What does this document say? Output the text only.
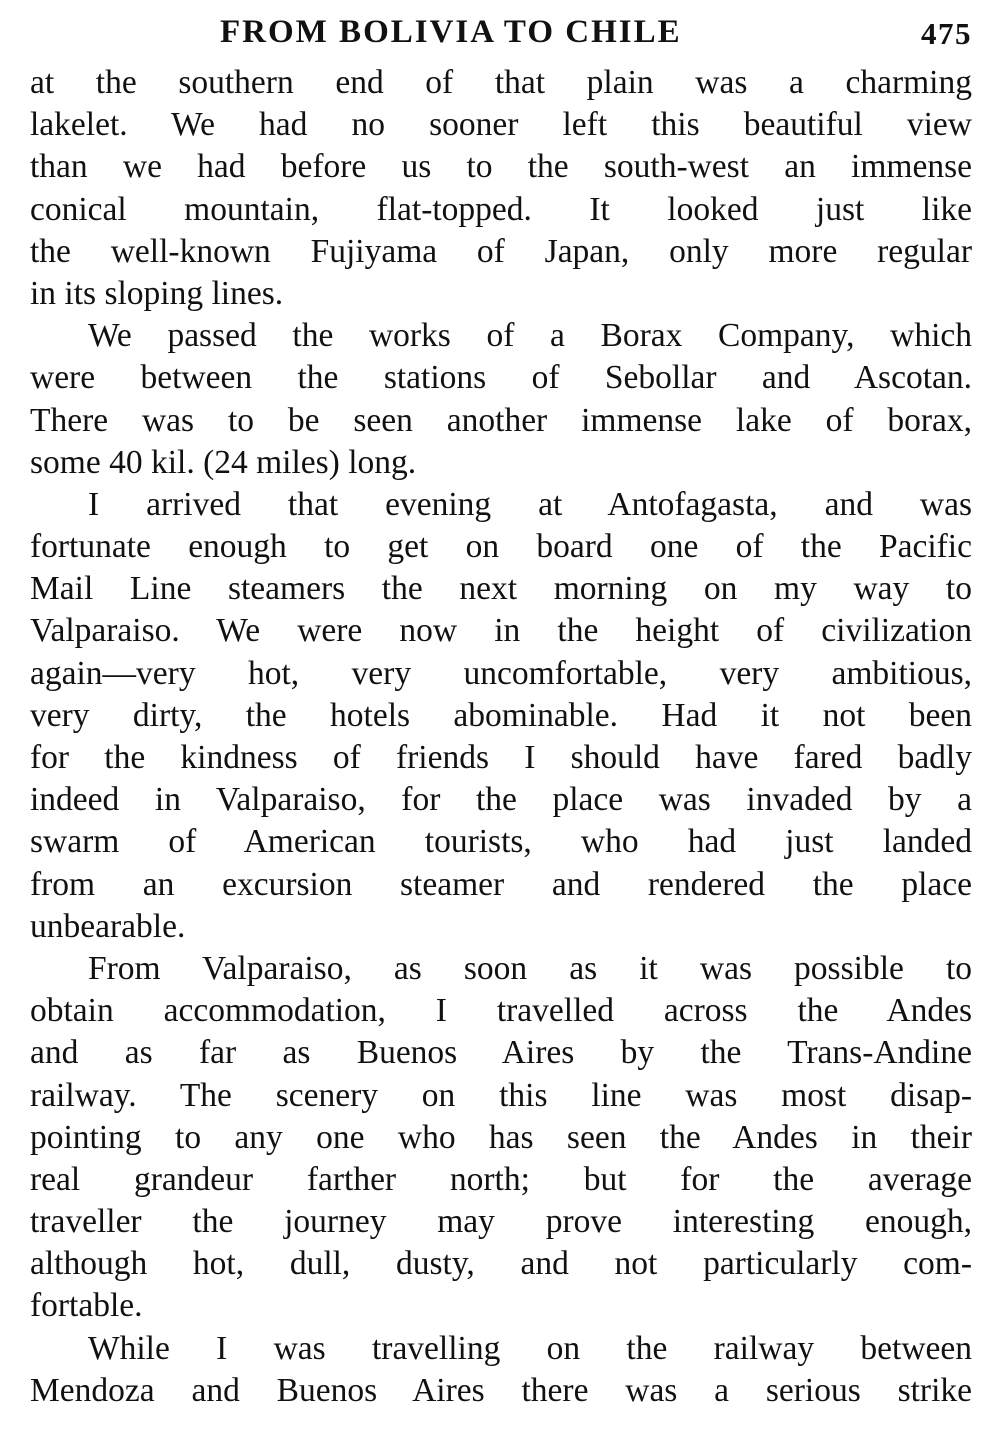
FROM BOLIVIA TO CHILE	475
at the southern end of that plain was a charming
lakelet. We had no sooner left this beautiful view
than we had before us to the south-west an immense
conical mountain, flat-topped. It looked just like
the well-known Fujiyama of Japan, only more regular
in its sloping lines.
We passed the works of a Borax Company, which
were between the stations of Sebollar and Ascotan.
There was to be seen another immense lake of borax,
some 40 kil. (24 miles) long.
I arrived that evening at Antofagasta, and was
fortunate enough to get on board one of the Pacific
Mail Line steamers the next morning on my way to
Valparaiso. We were now in the height of civilization
again—very hot, very uncomfortable, very ambitious,
very dirty, the hotels abominable. Had it not been
for the kindness of friends I should have fared badly
indeed in Valparaiso, for the place was invaded by a
swarm of American tourists, who had just landed
from an excursion steamer and rendered the place
unbearable.
From Valparaiso, as soon as it was possible to
obtain accommodation, I travelled across the Andes
and as far as Buenos Aires by the Trans-Andine
railway. The scenery on this line was most disap-
pointing to any one who has seen the Andes in their
real grandeur farther north; but for the average
traveller the journey may prove interesting enough,
although hot, dull, dusty, and not particularly com-
fortable.
While I was travelling on the railway between
Mendoza and Buenos Aires there was a serious strike
